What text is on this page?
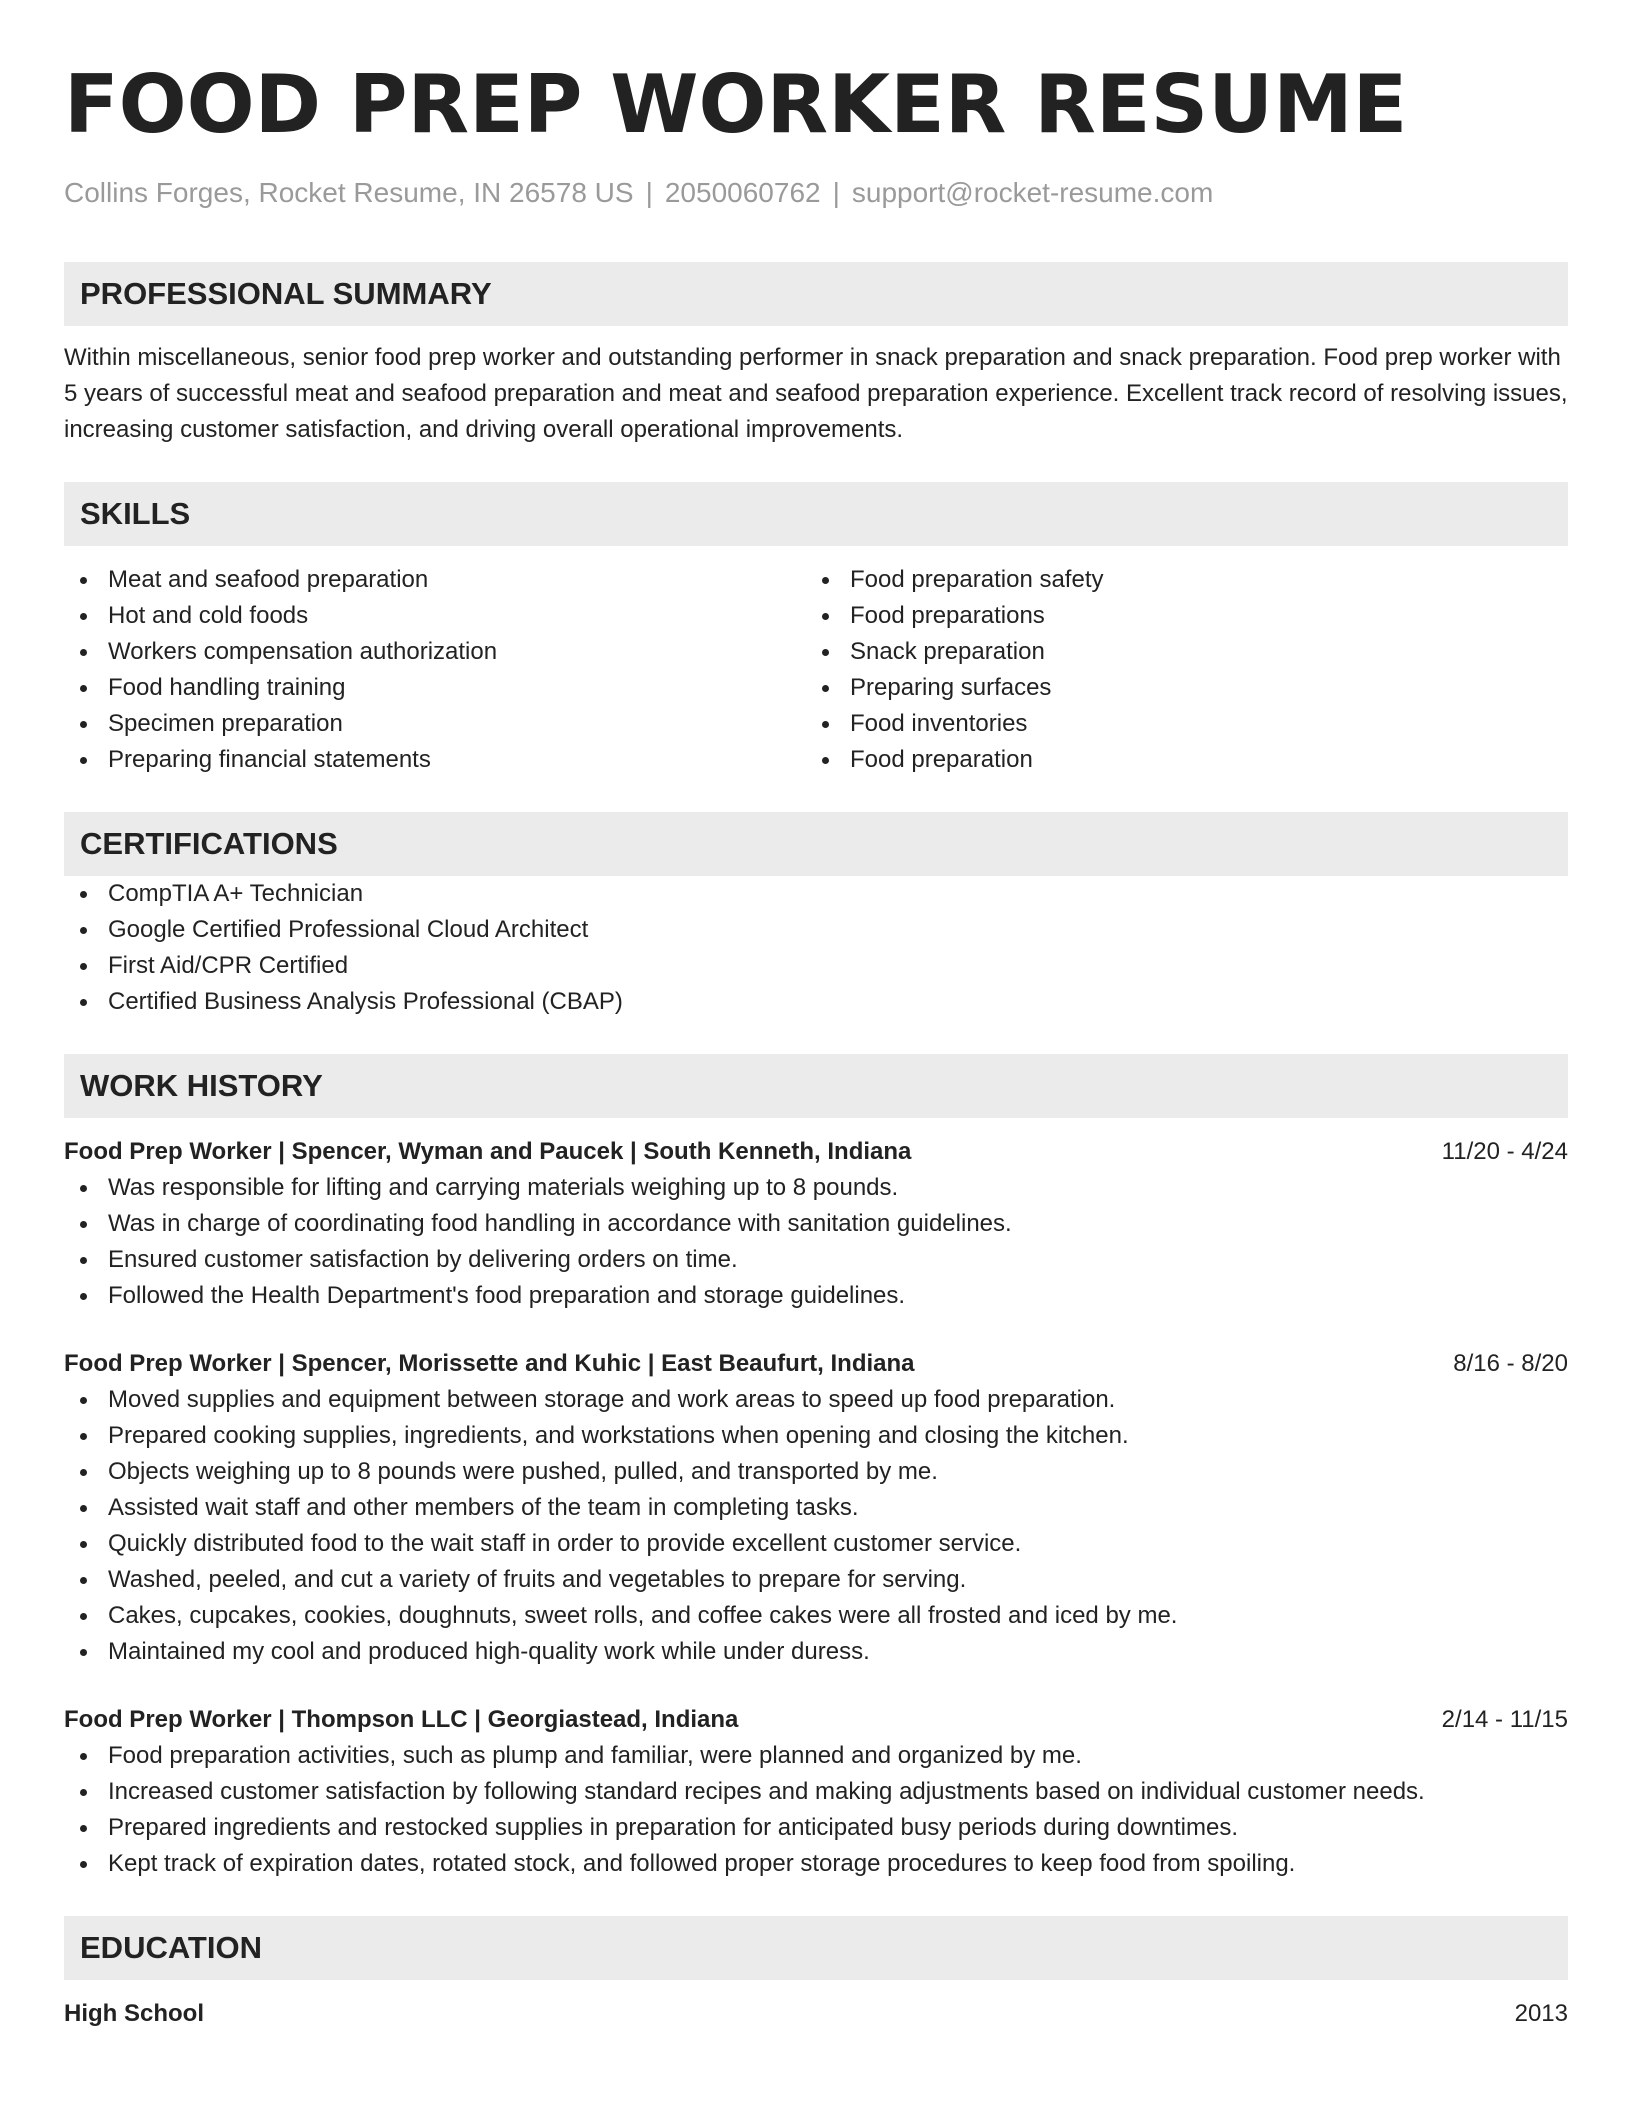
FOOD PREP WORKER RESUME
Collins Forges, Rocket Resume, IN 26578 US | 2050060762 | support@rocket-resume.com
PROFESSIONAL SUMMARY
Within miscellaneous, senior food prep worker and outstanding performer in snack preparation and snack preparation. Food prep worker with 5 years of successful meat and seafood preparation and meat and seafood preparation experience. Excellent track record of resolving issues, increasing customer satisfaction, and driving overall operational improvements.
SKILLS
Meat and seafood preparation
Hot and cold foods
Workers compensation authorization
Food handling training
Specimen preparation
Preparing financial statements
Food preparation safety
Food preparations
Snack preparation
Preparing surfaces
Food inventories
Food preparation
CERTIFICATIONS
CompTIA A+ Technician
Google Certified Professional Cloud Architect
First Aid/CPR Certified
Certified Business Analysis Professional (CBAP)
WORK HISTORY
Food Prep Worker | Spencer, Wyman and Paucek | South Kenneth, Indiana	11/20 - 4/24
Was responsible for lifting and carrying materials weighing up to 8 pounds.
Was in charge of coordinating food handling in accordance with sanitation guidelines.
Ensured customer satisfaction by delivering orders on time.
Followed the Health Department's food preparation and storage guidelines.
Food Prep Worker | Spencer, Morissette and Kuhic | East Beaufurt, Indiana	8/16 - 8/20
Moved supplies and equipment between storage and work areas to speed up food preparation.
Prepared cooking supplies, ingredients, and workstations when opening and closing the kitchen.
Objects weighing up to 8 pounds were pushed, pulled, and transported by me.
Assisted wait staff and other members of the team in completing tasks.
Quickly distributed food to the wait staff in order to provide excellent customer service.
Washed, peeled, and cut a variety of fruits and vegetables to prepare for serving.
Cakes, cupcakes, cookies, doughnuts, sweet rolls, and coffee cakes were all frosted and iced by me.
Maintained my cool and produced high-quality work while under duress.
Food Prep Worker | Thompson LLC | Georgiastead, Indiana	2/14 - 11/15
Food preparation activities, such as plump and familiar, were planned and organized by me.
Increased customer satisfaction by following standard recipes and making adjustments based on individual customer needs.
Prepared ingredients and restocked supplies in preparation for anticipated busy periods during downtimes.
Kept track of expiration dates, rotated stock, and followed proper storage procedures to keep food from spoiling.
EDUCATION
High School	2013
